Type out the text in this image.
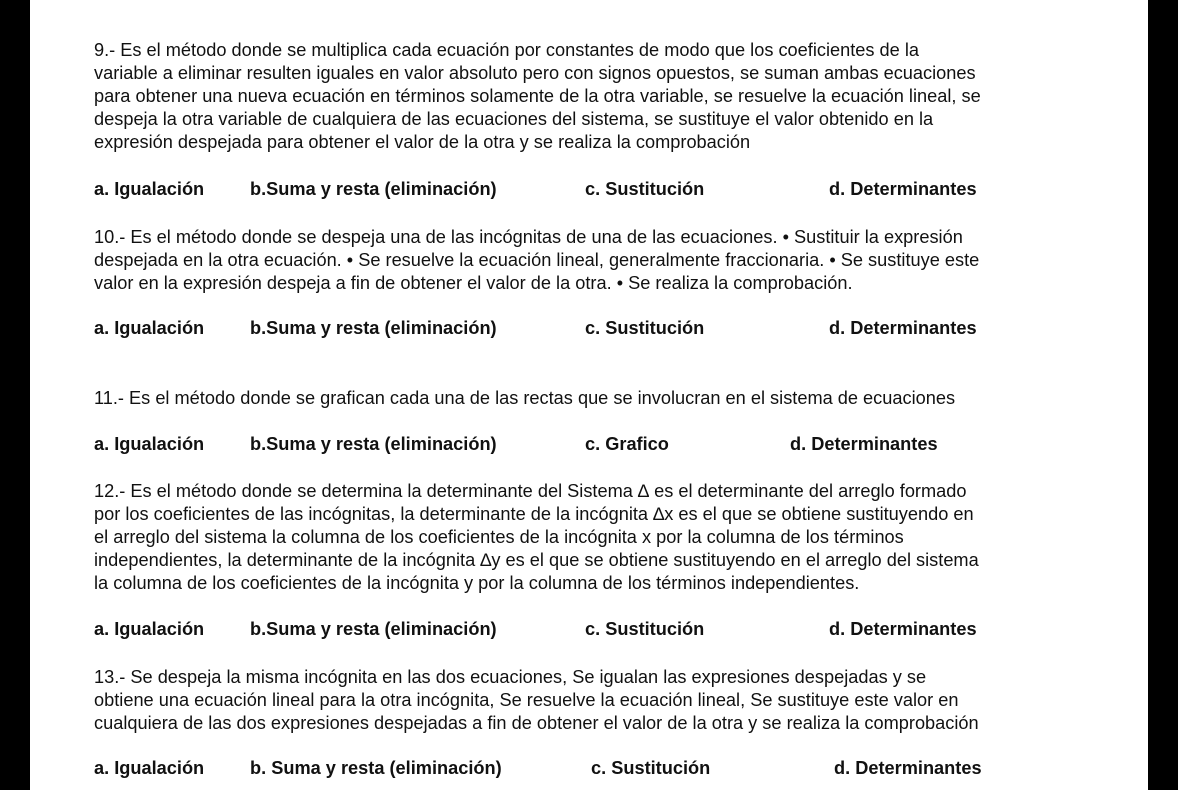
9.- Es el método donde se multiplica cada ecuación por constantes de modo que los coeficientes de la
variable a eliminar resulten iguales en valor absoluto pero con signos opuestos, se suman ambas ecuaciones
para obtener una nueva ecuación en términos solamente de la otra variable, se resuelve la ecuación lineal, se
despeja la otra variable de cualquiera de las ecuaciones del sistema, se sustituye el valor obtenido en la
expresión despejada para obtener el valor de la otra y se realiza la comprobación
a. Igualación	b.Suma y resta (eliminación)	c. Sustitución	d. Determinantes
10.- Es el método donde se despeja una de las incógnitas de una de las ecuaciones. • Sustituir la expresión
despejada en la otra ecuación. • Se resuelve la ecuación lineal, generalmente fraccionaria. • Se sustituye este
valor en la expresión despeja a fin de obtener el valor de la otra. • Se realiza la comprobación.
a. Igualación	b.Suma y resta (eliminación)	c. Sustitución	d. Determinantes
11.- Es el método donde se grafican cada una de las rectas que se involucran en el sistema de ecuaciones
a. Igualación	b.Suma y resta (eliminación)	c. Grafico	d. Determinantes
12.- Es el método donde se determina la determinante del Sistema ∆ es el determinante del arreglo formado
por los coeficientes de las incógnitas, la determinante de la incógnita ∆x es el que se obtiene sustituyendo en
el arreglo del sistema la columna de los coeficientes de la incógnita x por la columna de los términos
independientes, la determinante de la incógnita ∆y es el que se obtiene sustituyendo en el arreglo del sistema
la columna de los coeficientes de la incógnita y por la columna de los términos independientes.
a. Igualación	b.Suma y resta (eliminación)	c. Sustitución	d. Determinantes
13.- Se despeja la misma incógnita en las dos ecuaciones, Se igualan las expresiones despejadas y se
obtiene una ecuación lineal para la otra incógnita, Se resuelve la ecuación lineal, Se sustituye este valor en
cualquiera de las dos expresiones despejadas a fin de obtener el valor de la otra y se realiza la comprobación
a. Igualación	b. Suma y resta (eliminación)	c. Sustitución	d. Determinantes
